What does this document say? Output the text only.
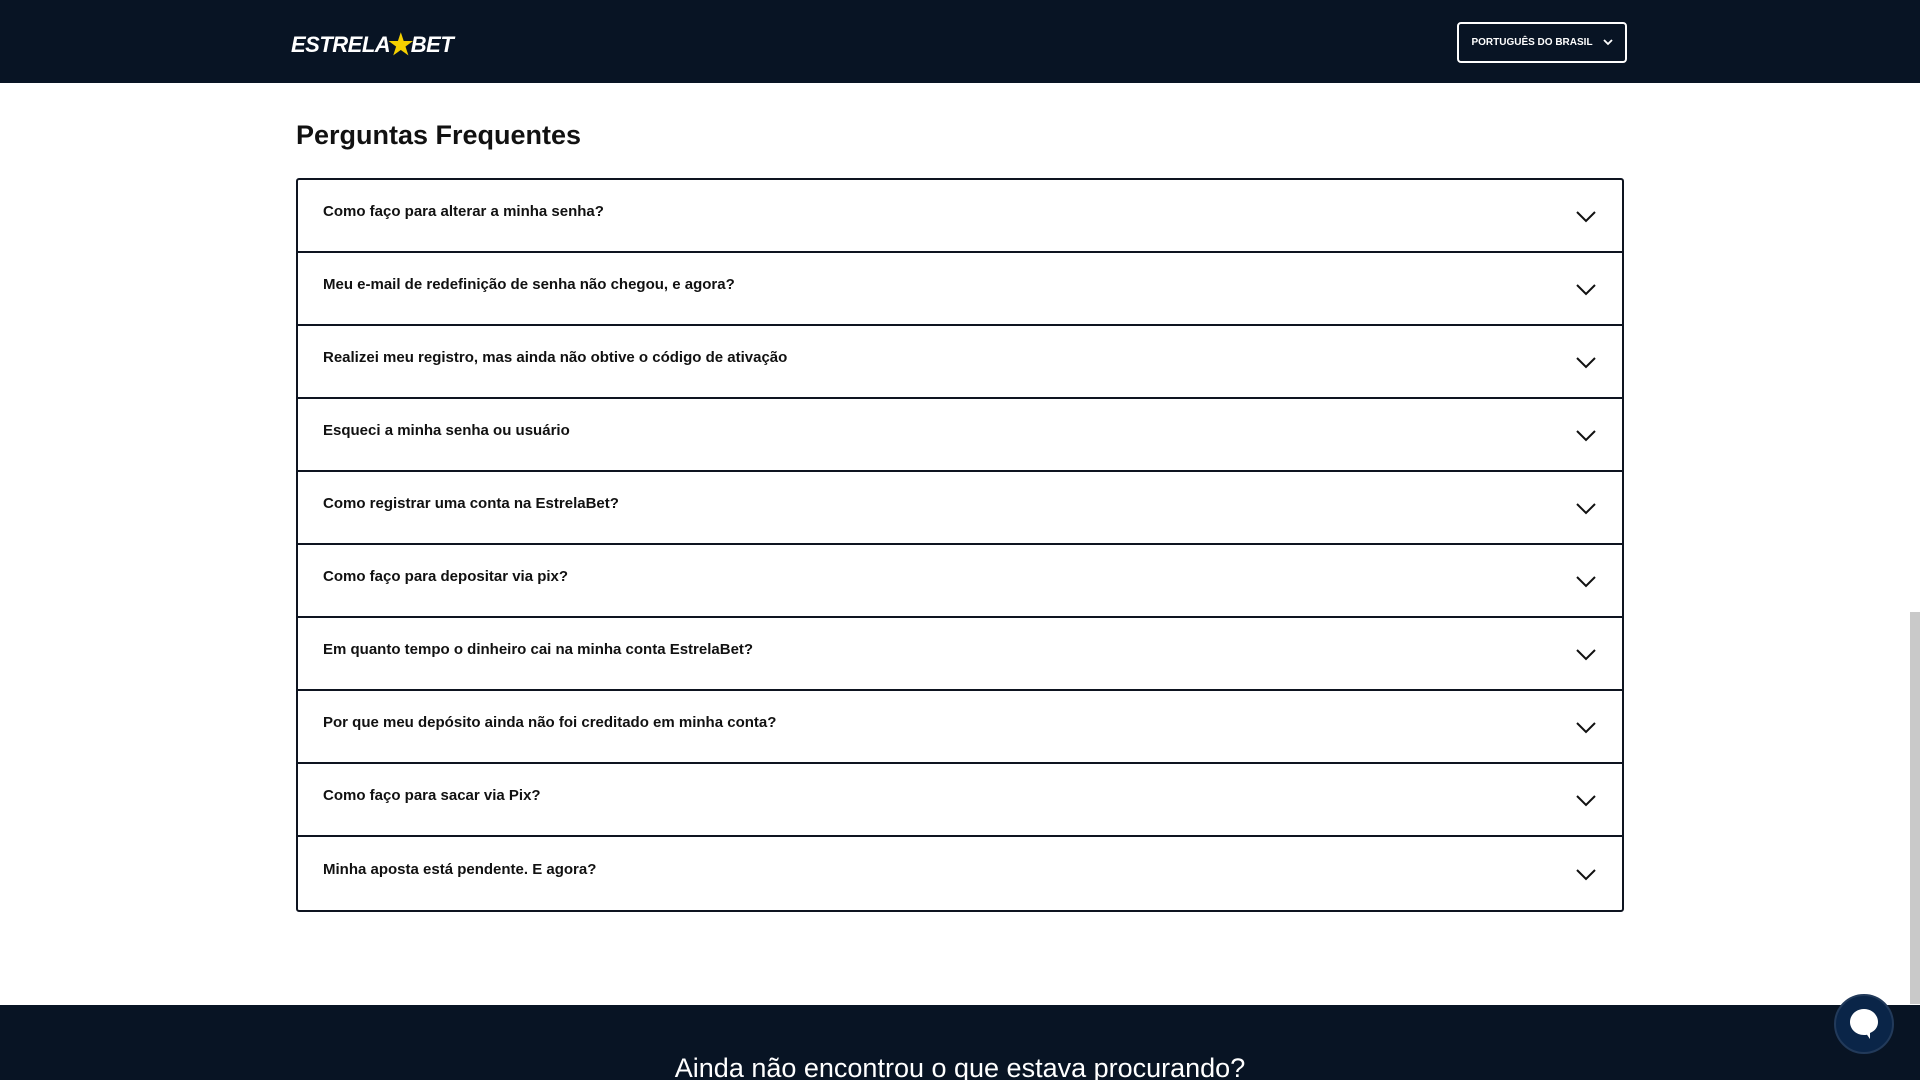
ESTRELA
★
BET	PORTUGUÊS DO BRASIL
Perguntas Frequentes
Como faço para alterar a minha senha?
Meu e-mail de redefinição de senha não chegou, e agora?
Realizei meu registro, mas ainda não obtive o código de ativação
Esqueci a minha senha ou usuário
Como registrar uma conta na EstrelaBet?
Como faço para depositar via pix?
Em quanto tempo o dinheiro cai na minha conta EstrelaBet?
Por que meu depósito ainda não foi creditado em minha conta?
Como faço para sacar via Pix?
Minha aposta está pendente. E agora?
Ainda não encontrou o que estava procurando?
